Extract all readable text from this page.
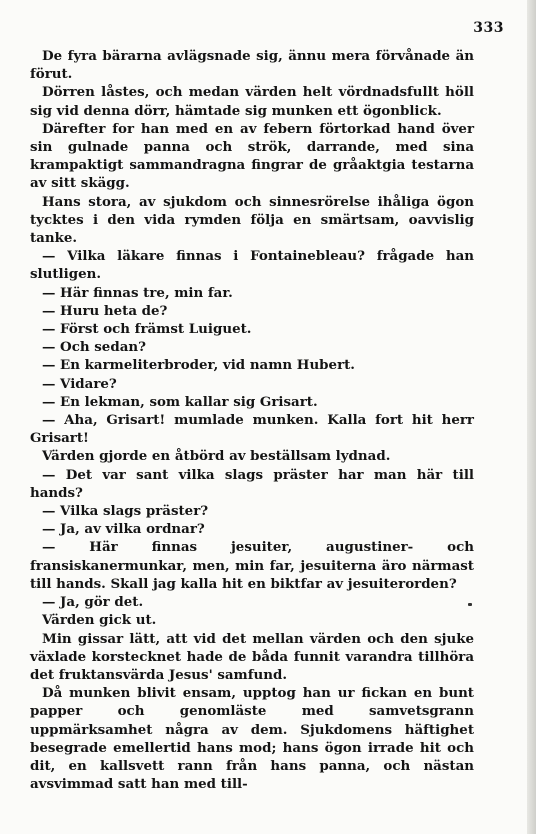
333

De fyra bärarna avlägsnade sig, ännu mera förvånade än förut.

Dörren låstes, och medan värden helt vördnadsfullt höll sig vid denna dörr, hämtade sig munken ett ögonblick.

Därefter for han med en av febern förtorkad hand över sin gulnade panna och strök, darrande, med sina krampaktigt sammandragna fingrar de gråaktgia testarna av sitt skägg.

Hans stora, av sjukdom och sinnesrörelse ihåliga ögon tycktes i den vida rymden följa en smärtsam, oavvislig tanke.

— Vilka läkare finnas i Fontainebleau? frågade han slutligen.

— Här finnas tre, min far.

— Huru heta de?

— Först och främst Luiguet.

— Och sedan?

— En karmeliterbroder, vid namn Hubert.

— Vidare?

— En lekman, som kallar sig Grisart.

— Aha, Grisart! mumlade munken. Kalla fort hit herr Grisart!

Värden gjorde en åtbörd av beställsam lydnad.

— Det var sant vilka slags präster har man här till hands?

— Vilka slags präster?

— Ja, av vilka ordnar?

— Här finnas jesuiter, augustiner- och fransiskanermunkar, men, min far, jesuiterna äro närmast till hands. Skall jag kalla hit en biktfar av jesuiterorden?

— Ja, gör det.

Värden gick ut.

Min gissar lätt, att vid det mellan värden och den sjuke växlade korstecknet hade de båda funnit varandra tillhöra det fruktansvärda Jesus' samfund.

Då munken blivit ensam, upptog han ur fickan en bunt papper och genomläste med samvetsgrann uppmärksamhet några av dem. Sjukdomens häftighet besegrade emellertid hans mod; hans ögon irrade hit och dit, en kallsvett rann från hans panna, och nästan avsvimmad satt han med till-
